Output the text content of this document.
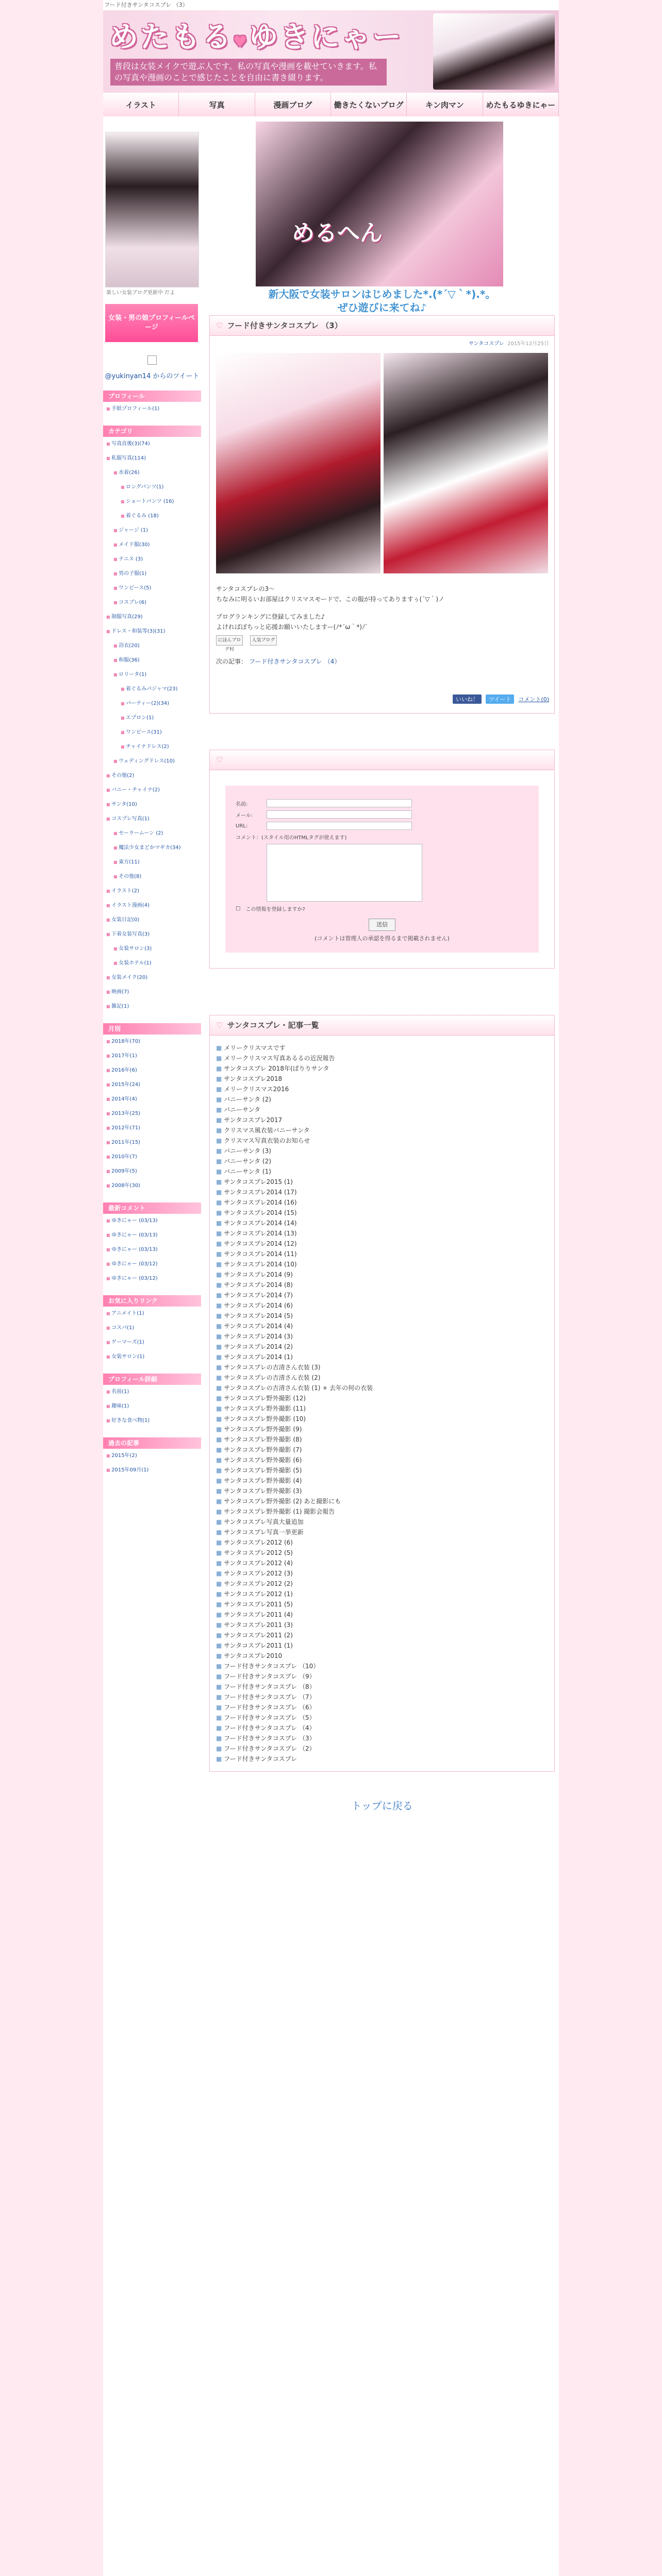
フード付きサンタコスプレ （3）
めたもる♥ゆきにゃー
普段は女装メイクで遊ぶ人です。私の写真や漫画を載せていきます。私の写真や漫画のことで感じたことを自由に書き綴ります。
イラスト	写真	漫画ブログ	働きたくないブログ	キン肉マン	めたもるゆきにゃー
楽しい女装ブログ更新中 だよ
女装・男の娘プロフィールページ
@yukinyan14 からのツイート
プロフィール
■ 手紙プロフィール(1)
カテゴリ
■ 写真直後(3)(74)
■ 私服写真(114)
■ 水着(26)
■ ロングパンツ(1)
■ ショートパンツ (16)
■ 着ぐるみ (18)
■ ジャージ (1)
■ メイド服(30)
■ テニス (3)
■ 男の子服(1)
■ ワンピース(5)
■ コスプレ(6)
■ 制服写真(29)
■ ドレス・和装等(3)(31)
■ 浴衣(20)
■ 和服(36)
■ ロリータ(1)
■ 着ぐるみパジャマ(23)
■ パーティー(2)(34)
■ エプロン(1)
■ ワンピース(31)
■ チャイナドレス(2)
■ ウェディングドレス(10)
■ その他(2)
■ バニー・チャイナ(2)
■ サンタ(10)
■ コスプレ写真(1)
■ セーラームーン (2)
■ 魔法少女まどかマギカ(34)
■ 東方(11)
■ その他(8)
■ イラスト(2)
■ イラスト漫画(4)
■ 女装日記(0)
■ 下着女装写真(3)
■ 女装サロン(3)
■ 女装ホテル(1)
■ 女装メイク(20)
■ 映画(7)
■ 雑記(1)
月別
■ 2018年(70)
■ 2017年(1)
■ 2016年(6)
■ 2015年(24)
■ 2014年(4)
■ 2013年(25)
■ 2012年(71)
■ 2011年(15)
■ 2010年(7)
■ 2009年(5)
■ 2008年(30)
最新コメント
■ ゆきにゃー (03/13)
■ ゆきにゃー (03/13)
■ ゆきにゃー (03/13)
■ ゆきにゃー (03/12)
■ ゆきにゃー (03/12)
お気に入りリンク
■ アニメイト(1)
■ コスパ(1)
■ ゲーマーズ(1)
■ 女装サロン(1)
プロフィール詳細
■ 名前(1)
■ 趣味(1)
■ 好きな食べ物(1)
過去の記事
■ 2015年(2)
■ 2015年09月(1)
めるへん
新大阪で女装サロンはじめました*.(*´▽｀*).*。
ぜひ遊びに来てね♪
♡ フード付きサンタコスプレ （3）
サンタコスプレ 2015年12月25日
サンタコスプレの3～
ちなみに明るいお部屋はクリスマスモードで、この服が持ってありますぅ(´▽｀)ノ
ブログランキングに登録してみました♪
よければぽちっと応援お願いいたしますー(ﾉ*´ω｀*)ﾉ゛
にほんブログ村
人気ブログ
次の記事： フード付きサンタコスプレ （4）
いいね！	ツイート	コメント(0)
♡
名前:
メール:
URL:
コメント：(スタイル用のHTMLタグが使えます)
□ この情報を登録しますか?
送信
(コメントは管理人の承認を得るまで掲載されません)
♡ サンタコスプレ・記事一覧
■ メリークリスマスです
■ メリークリスマス写真あるるの近況報告
■ サンタコスプレ 2018年(ぱりりサンタ
■ サンタコスプレ2018
■ メリークリスマス2016
■ バニーサンタ (2)
■ バニーサンタ
■ サンタコスプレ2017
■ クリスマス風衣装バニーサンタ
■ クリスマス写真衣装のお知らせ
■ バニーサンタ (3)
■ バニーサンタ (2)
■ バニーサンタ (1)
■ サンタコスプレ2015 (1)
■ サンタコスプレ2014 (17)
■ サンタコスプレ2014 (16)
■ サンタコスプレ2014 (15)
■ サンタコスプレ2014 (14)
■ サンタコスプレ2014 (13)
■ サンタコスプレ2014 (12)
■ サンタコスプレ2014 (11)
■ サンタコスプレ2014 (10)
■ サンタコスプレ2014 (9)
■ サンタコスプレ2014 (8)
■ サンタコスプレ2014 (7)
■ サンタコスプレ2014 (6)
■ サンタコスプレ2014 (5)
■ サンタコスプレ2014 (4)
■ サンタコスプレ2014 (3)
■ サンタコスプレ2014 (2)
■ サンタコスプレ2014 (1)
■ サンタコスプレの吉清さん衣装 (3)
■ サンタコスプレの吉清さん衣装 (2)
■ サンタコスプレの吉清さん衣装 (1) + 去年の何の衣装
■ サンタコスプレ野外撮影 (12)
■ サンタコスプレ野外撮影 (11)
■ サンタコスプレ野外撮影 (10)
■ サンタコスプレ野外撮影 (9)
■ サンタコスプレ野外撮影 (8)
■ サンタコスプレ野外撮影 (7)
■ サンタコスプレ野外撮影 (6)
■ サンタコスプレ野外撮影 (5)
■ サンタコスプレ野外撮影 (4)
■ サンタコスプレ野外撮影 (3)
■ サンタコスプレ野外撮影 (2) あと撮影にも
■ サンタコスプレ野外撮影 (1) 撮影会報告
■ サンタコスプレ写真大量追加
■ サンタコスプレ写真一挙更新
■ サンタコスプレ2012 (6)
■ サンタコスプレ2012 (5)
■ サンタコスプレ2012 (4)
■ サンタコスプレ2012 (3)
■ サンタコスプレ2012 (2)
■ サンタコスプレ2012 (1)
■ サンタコスプレ2011 (5)
■ サンタコスプレ2011 (4)
■ サンタコスプレ2011 (3)
■ サンタコスプレ2011 (2)
■ サンタコスプレ2011 (1)
■ サンタコスプレ2010
■ フード付きサンタコスプレ （10）
■ フード付きサンタコスプレ （9）
■ フード付きサンタコスプレ （8）
■ フード付きサンタコスプレ （7）
■ フード付きサンタコスプレ （6）
■ フード付きサンタコスプレ （5）
■ フード付きサンタコスプレ （4）
■ フード付きサンタコスプレ （3）
■ フード付きサンタコスプレ （2）
■ フード付きサンタコスプレ
トップに戻る
